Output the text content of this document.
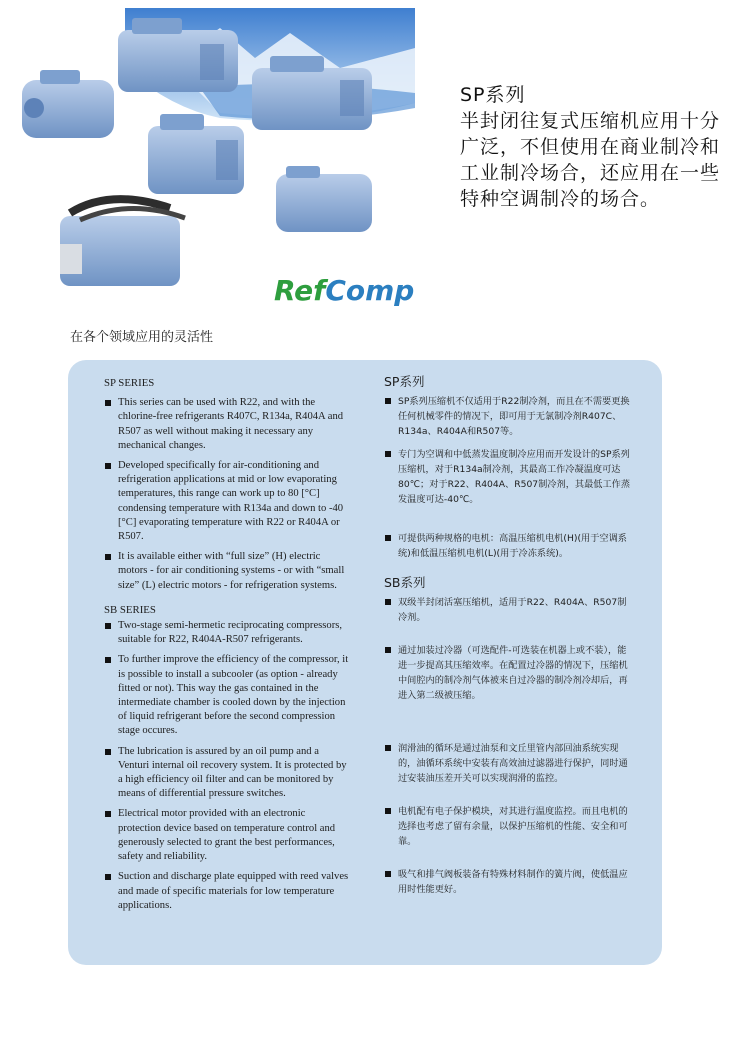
RefComp
SP系列
半封闭往复式压缩机应用十分广泛，不但使用在商业制冷和工业制冷场合，还应用在一些特种空调制冷的场合。
在各个领域应用的灵活性

SP SERIES

This series can be used with R22, and with the chlorine-free refrigerants R407C, R134a, R404A and R507 as well without making it necessary any mechanical changes.
Developed specifically for air-conditioning and refrigeration applications at mid or low evaporating temperatures, this range can work up to 80 [°C] condensing temperature with R134a and down to -40 [°C] evaporating temperature with R22 or R404A or R507.
It is available either with “full size” (H) electric motors - for air conditioning systems - or with “small size” (L) electric motors - for refrigeration systems.

SB SERIES

Two-stage semi-hermetic reciprocating compressors, suitable for R22, R404A-R507 refrigerants.
To further improve the efficiency of the compressor, it is possible to install a subcooler (as option - already fitted or not). This way the gas contained in the intermediate chamber is cooled down by the injection of liquid refrigerant before the second compression stage occures.
The lubrication is assured by an oil pump and a Venturi internal oil recovery system. It is protected by a high efficiency oil filter and can be monitored by means of differential pressure switches.
Electrical motor provided with an electronic protection device based on temperature control and generously selected to grant the best performances, safety and reliability.
Suction and discharge plate equipped with reed valves and made of specific materials for low temperature applications.

SP系列

SP系列压缩机不仅适用于R22制冷剂，而且在不需要更换任何机械零件的情况下，即可用于无氯制冷剂R407C、R134a、R404A和R507等。
专门为空调和中低蒸发温度制冷应用而开发设计的SP系列压缩机，对于R134a制冷剂，其最高工作冷凝温度可达80℃；对于R22、R404A、R507制冷剂，其最低工作蒸发温度可达-40℃。
可提供两种规格的电机：高温压缩机电机(H)(用于空调系统)和低温压缩机电机(L)(用于冷冻系统)。

SB系列

双级半封闭活塞压缩机，适用于R22、R404A、R507制冷剂。
通过加装过冷器（可选配件-可选装在机器上或不装），能进一步提高其压缩效率。在配置过冷器的情况下，压缩机中间腔内的制冷剂气体被来自过冷器的制冷剂冷却后，再进入第二级被压缩。
润滑油的循环是通过油泵和文丘里管内部回油系统实现的，油循环系统中安装有高效油过滤器进行保护，同时通过安装油压差开关可以实现润滑的监控。
电机配有电子保护模块，对其进行温度监控。而且电机的选择也考虑了留有余量，以保护压缩机的性能、安全和可靠。
吸气和排气阀板装备有特殊材料制作的簧片阀，使低温应用时性能更好。
